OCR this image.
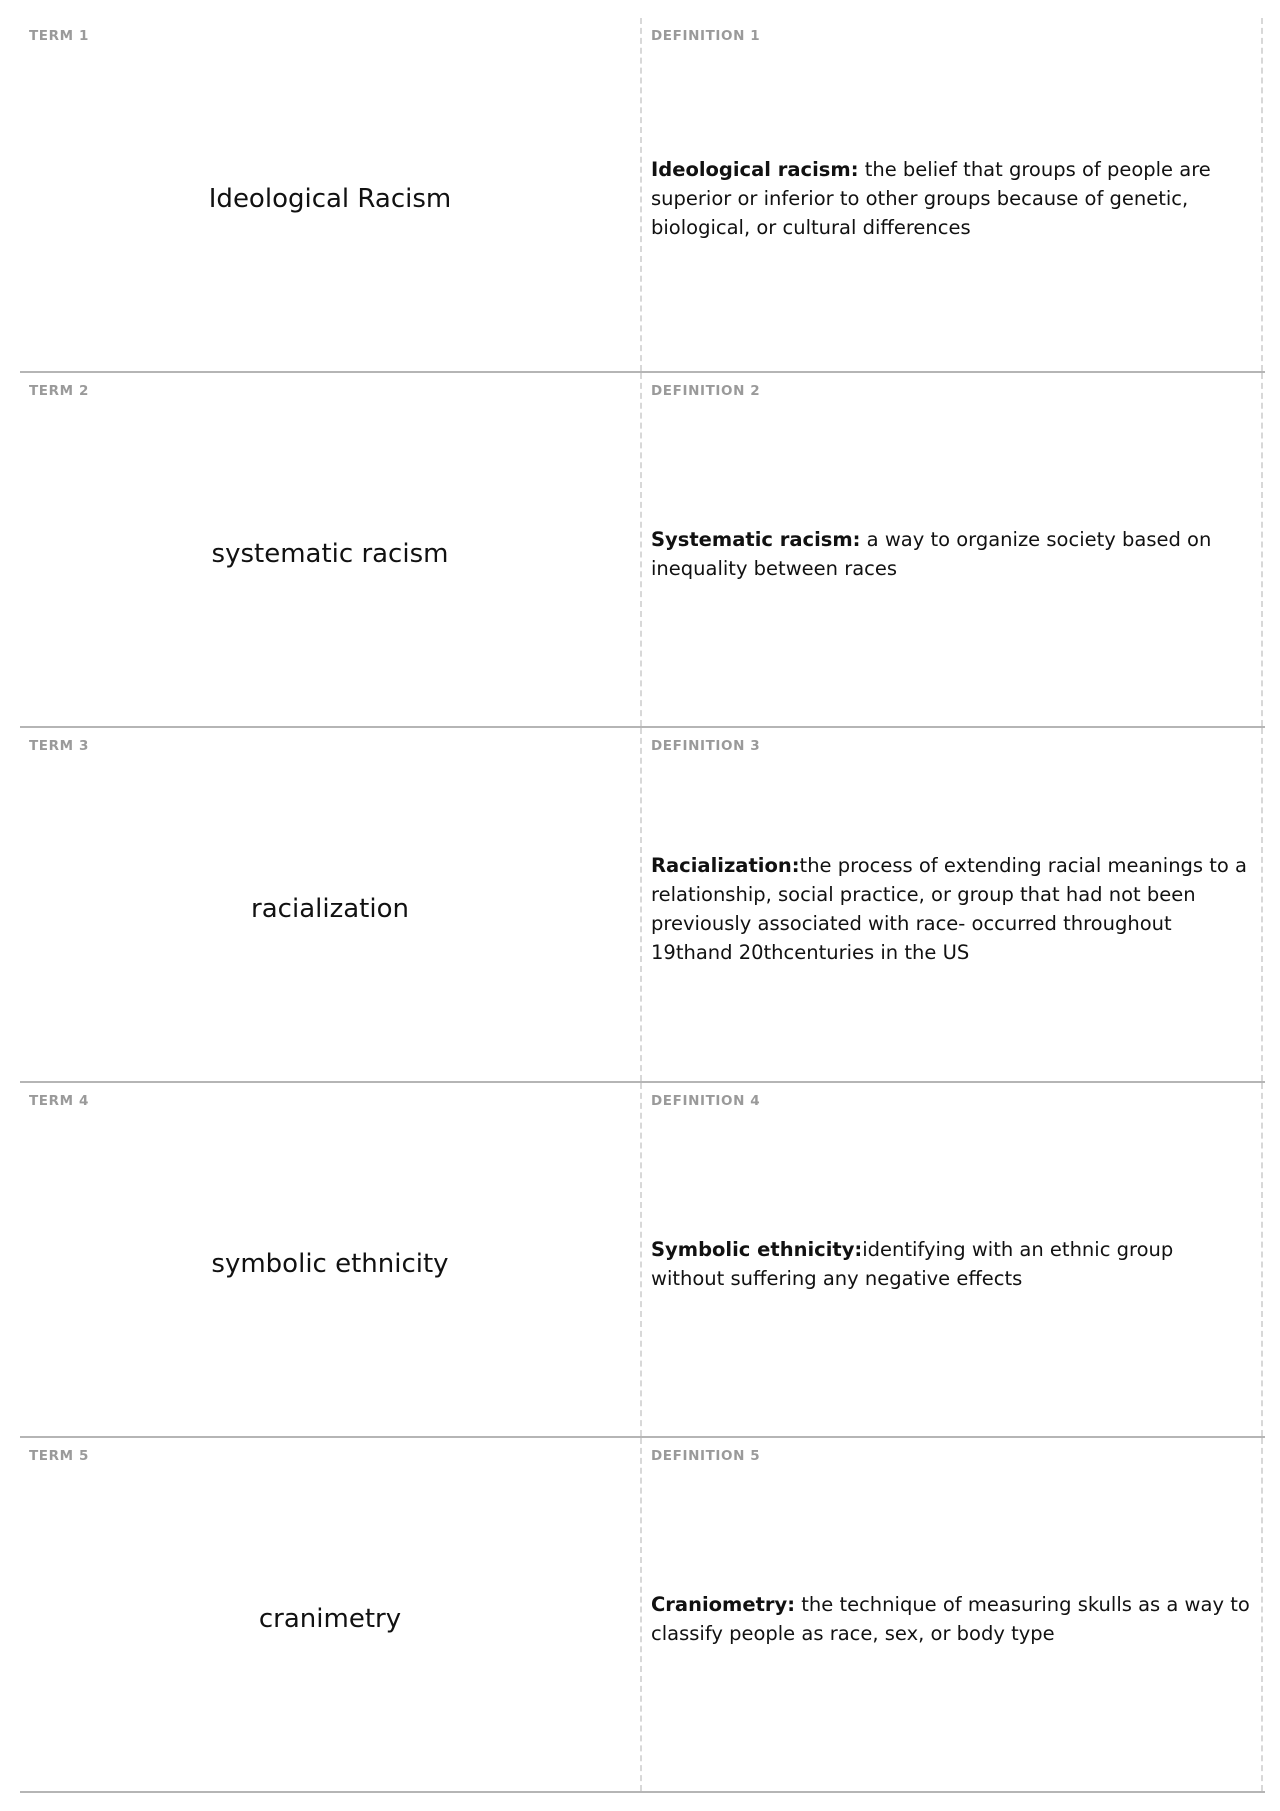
TERM 1
Ideological Racism
DEFINITION 1
Ideological racism: the belief that groups of people are superior or inferior to other groups because of genetic, biological, or cultural differences
TERM 2
systematic racism
DEFINITION 2
Systematic racism: a way to organize society based on inequality between races
TERM 3
racialization
DEFINITION 3
Racialization:the process of extending racial meanings to a relationship, social practice, or group that had not been previously associated with race- occurred throughout 19thand 20thcenturies in the US
TERM 4
symbolic ethnicity
DEFINITION 4
Symbolic ethnicity:identifying with an ethnic group without suffering any negative effects
TERM 5
cranimetry
DEFINITION 5
Craniometry: the technique of measuring skulls as a way to classify people as race, sex, or body type
